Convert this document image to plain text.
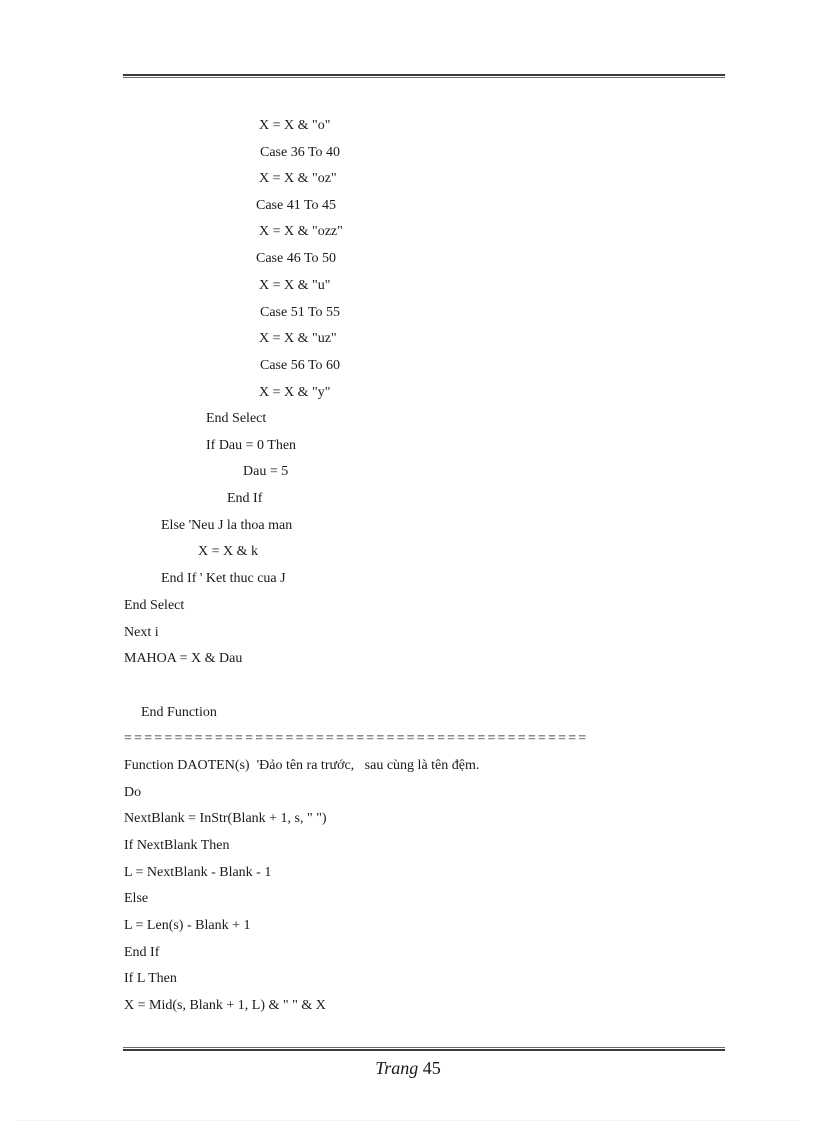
X = X & "o"
Case 36 To 40
X = X & "oz"
Case 41 To 45
X = X & "ozz"
Case 46 To 50
X = X & "u"
Case 51 To 55
X = X & "uz"
Case 56 To 60
X = X & "y"
End Select
If Dau = 0 Then
Dau = 5
End If
Else 'Neu J la thoa man
X = X & k
End If ' Ket thuc cua J
End Select
Next i
MAHOA = X & Dau
End Function
==============================================
Function DAOTEN(s)  'Đảo tên ra trước,   sau cùng là tên đệm.
Do
NextBlank = InStr(Blank + 1, s, " ")
If NextBlank Then
L = NextBlank - Blank - 1
Else
L = Len(s) - Blank + 1
End If
If L Then
X = Mid(s, Blank + 1, L) & " " & X
Trang 45
